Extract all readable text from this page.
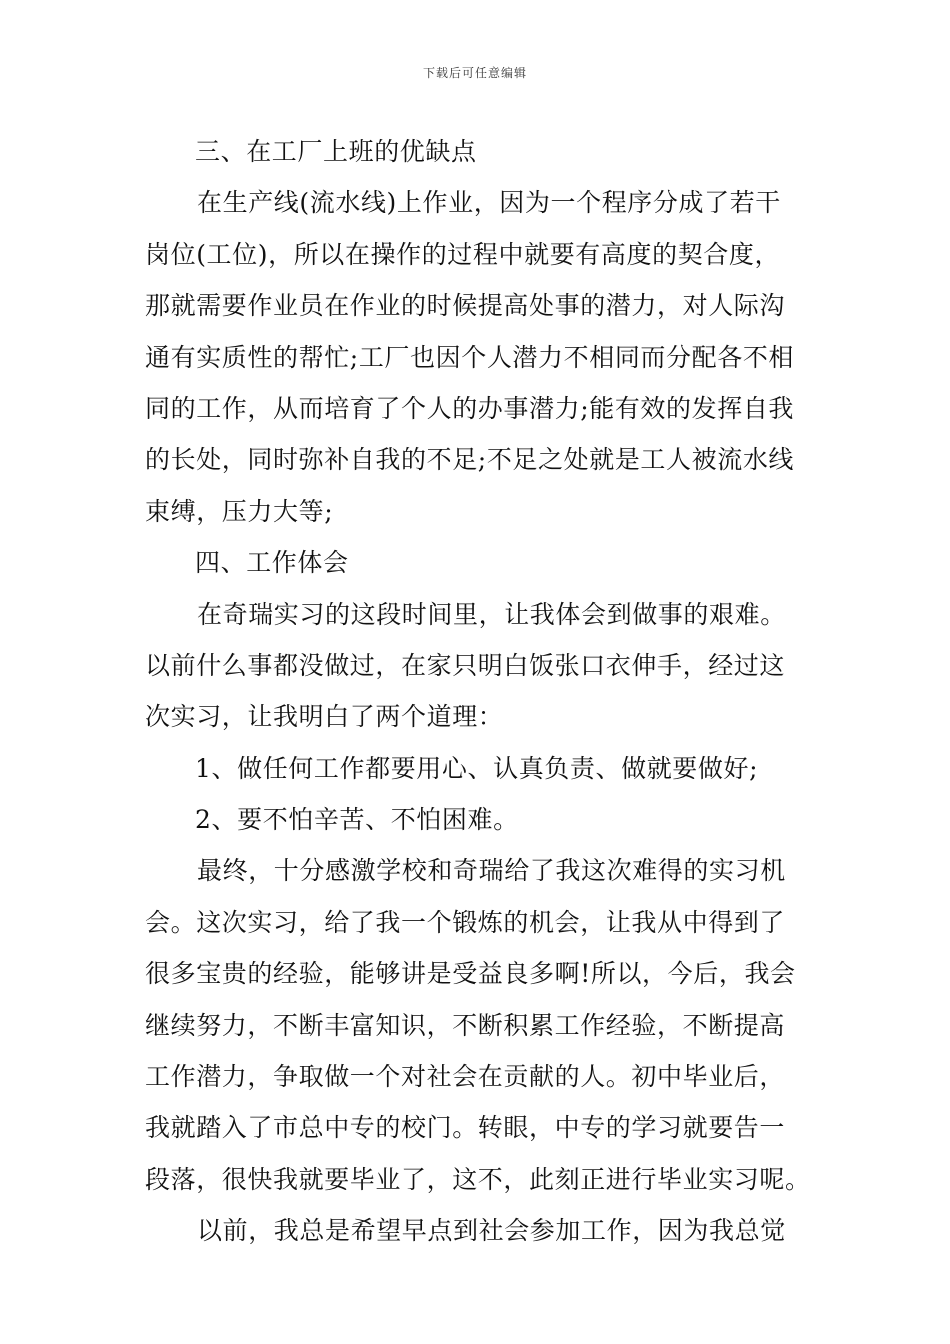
下载后可任意编辑
三、在工厂上班的优缺点
在生产线(流水线)上作业，因为一个程序分成了若干
岗位(工位)，所以在操作的过程中就要有高度的契合度，
那就需要作业员在作业的时候提高处事的潜力，对人际沟
通有实质性的帮忙;工厂也因个人潜力不相同而分配各不相
同的工作，从而培育了个人的办事潜力;能有效的发挥自我
的长处，同时弥补自我的不足;不足之处就是工人被流水线
束缚，压力大等;
四、工作体会
在奇瑞实习的这段时间里，让我体会到做事的艰难。
以前什么事都没做过，在家只明白饭张口衣伸手，经过这
次实习，让我明白了两个道理：
1、做任何工作都要用心、认真负责、做就要做好;
2、要不怕辛苦、不怕困难。
最终，十分感激学校和奇瑞给了我这次难得的实习机
会。这次实习，给了我一个锻炼的机会，让我从中得到了
很多宝贵的经验，能够讲是受益良多啊!所以，今后，我会
继续努力，不断丰富知识，不断积累工作经验，不断提高
工作潜力，争取做一个对社会在贡献的人。初中毕业后，
我就踏入了市总中专的校门。转眼，中专的学习就要告一
段落，很快我就要毕业了，这不，此刻正进行毕业实习呢。
以前，我总是希望早点到社会参加工作，因为我总觉
